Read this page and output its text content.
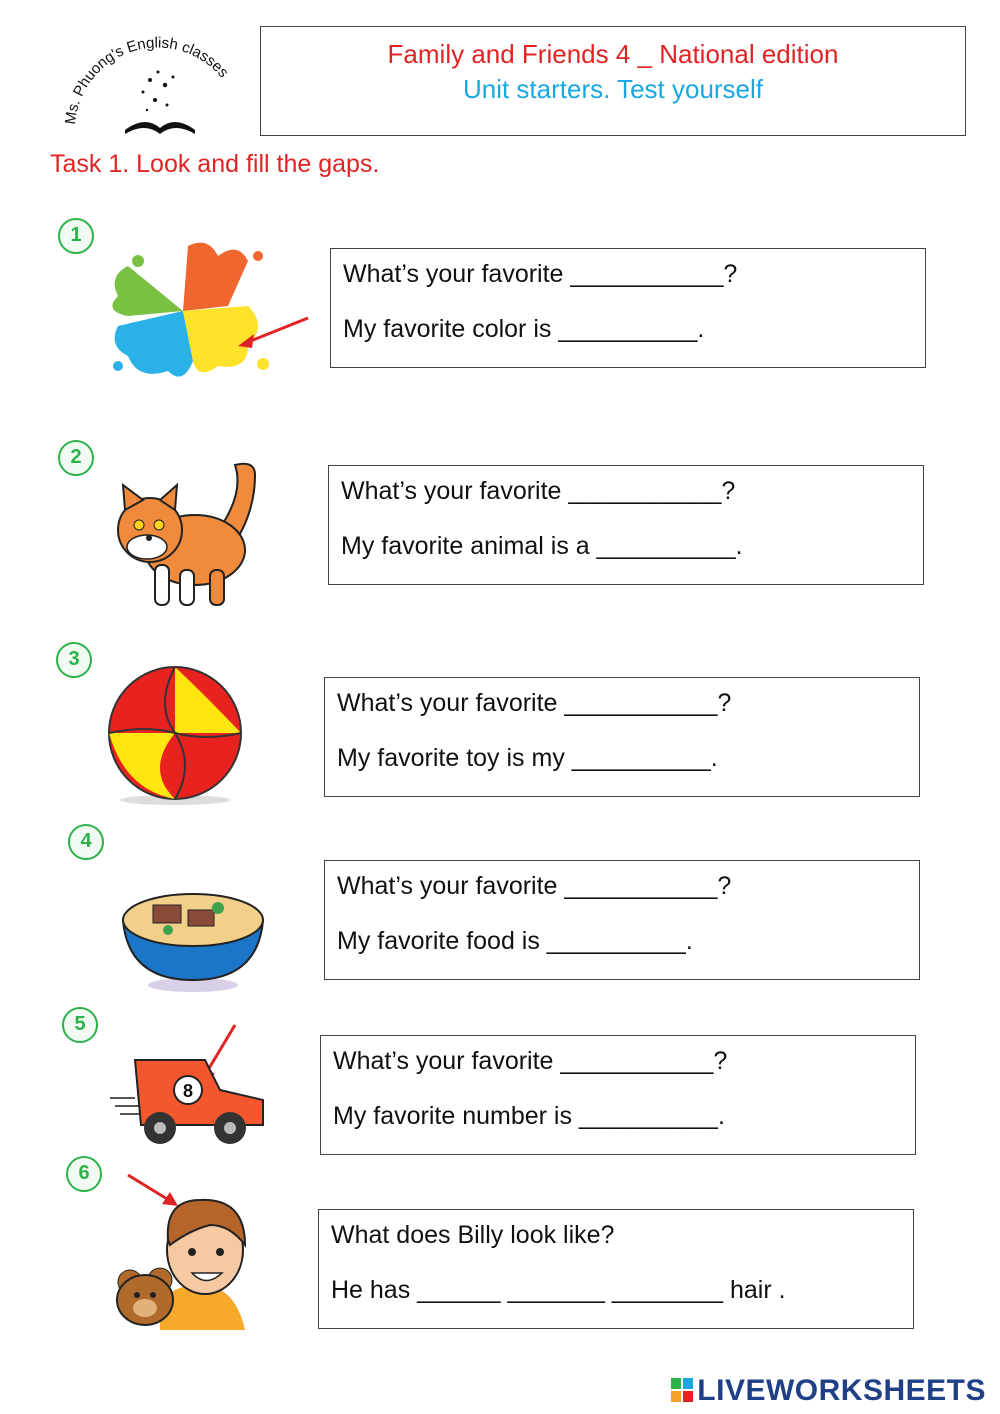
Ms. Phuong's English classes
Family and Friends 4 _ National edition
Unit starters. Test yourself
Task 1. Look and fill the gaps.
1
What’s your favorite ___________?
My favorite color is __________.
2
What’s your favorite ___________?
My favorite animal is a __________.
3
What’s your favorite ___________?
My favorite toy is my __________.
4
What’s your favorite ___________?
My favorite food is __________.
5
8
What’s your favorite ___________?
My favorite number is __________.
6
What does Billy look like?
He has ______ _______ ________ hair .
LIVEWORKSHEETS
